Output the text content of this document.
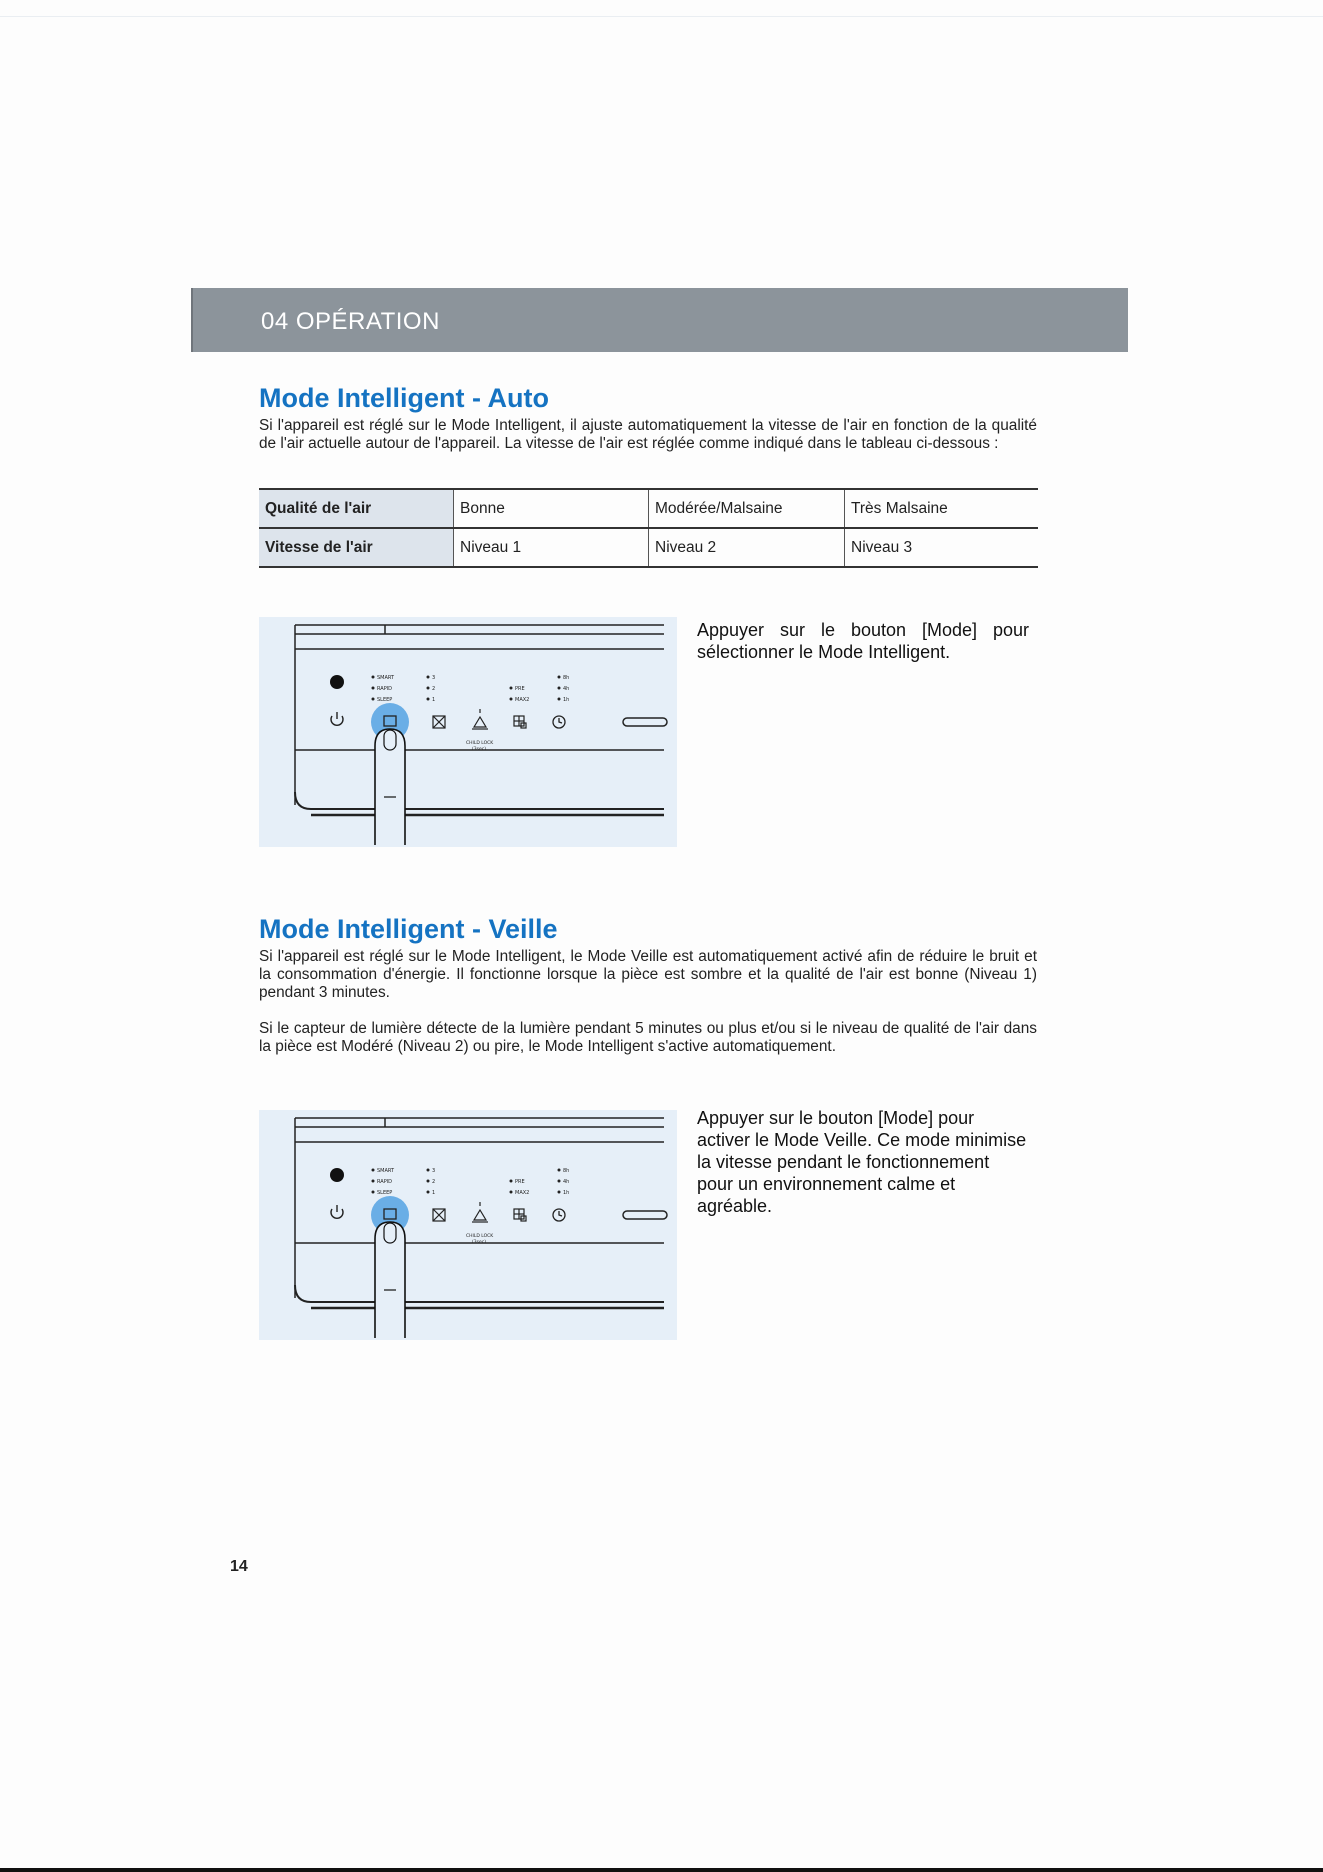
04 OPÉRATION
Mode Intelligent - Auto
Si l'appareil est réglé sur le Mode Intelligent, il ajuste automatiquement la vitesse de l'air en fonction de la qualité de l'air actuelle autour de l'appareil. La vitesse de l'air est réglée comme indiqué dans le tableau ci-dessous :
Qualité de l'air	Bonne	Modérée/Malsaine	Très Malsaine
Vitesse de l'air	Niveau 1	Niveau 2	Niveau 3
SMART
RAPID
SLEEP
3
2
1
PRE
MAX2
8h
4h
1h
CHILD LOCK
(3sec)
Appuyer sur le bouton [Mode] pour sélectionner le Mode Intelligent.
Mode Intelligent - Veille
Si l'appareil est réglé sur le Mode Intelligent, le Mode Veille est automatiquement activé afin de réduire le bruit et la consommation d'énergie. Il fonctionne lorsque la pièce est sombre et la qualité de l'air est bonne (Niveau 1) pendant 3 minutes.
Si le capteur de lumière détecte de la lumière pendant 5 minutes ou plus et/ou si le niveau de qualité de l'air dans la pièce est Modéré (Niveau 2) ou pire, le Mode Intelligent s'active automatiquement.
SMART
RAPID
SLEEP
3
2
1
PRE
MAX2
8h
4h
1h
CHILD LOCK
(3sec)
Appuyer sur le bouton [Mode] pour activer le Mode Veille. Ce mode minimise la vitesse pendant le fonctionnement pour un environnement calme et agréable.
14
